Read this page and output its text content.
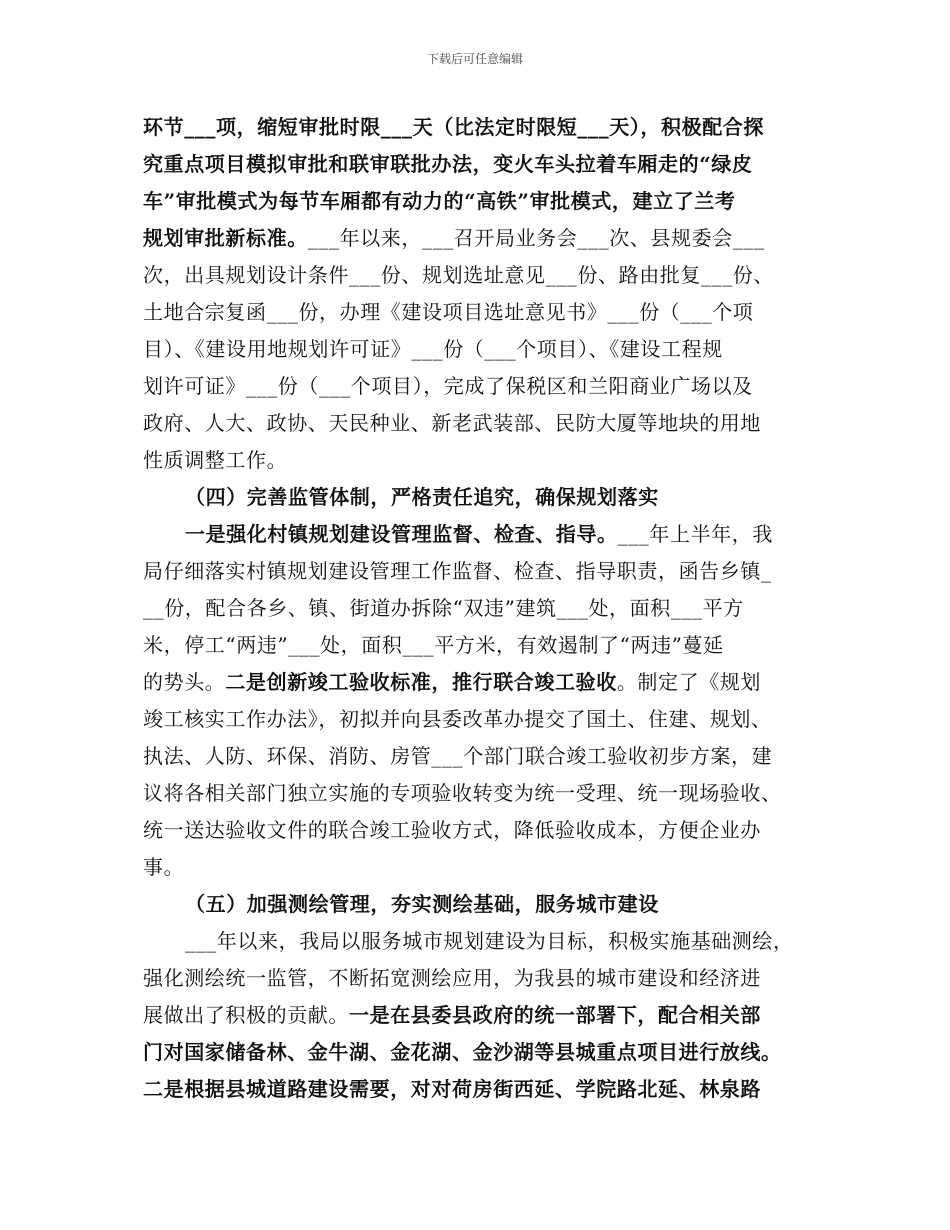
下载后可任意编辑
环节___项，缩短审批时限___天（比法定时限短___天），积极配合探
究重点项目模拟审批和联审联批办法，变火车头拉着车厢走的“绿皮
车”审批模式为每节车厢都有动力的“高铁”审批模式，建立了兰考
规划审批新标准。___年以来，___召开局业务会___次、县规委会___
次，出具规划设计条件___份、规划选址意见___份、路由批复___份、
土地合宗复函___份，办理《建设项目选址意见书》___份（___个项
目）、《建设用地规划许可证》___份（___个项目）、《建设工程规
划许可证》___份（___个项目），完成了保税区和兰阳商业广场以及
政府、人大、政协、天民种业、新老武装部、民防大厦等地块的用地
性质调整工作。
（四）完善监管体制，严格责任追究，确保规划落实
一是强化村镇规划建设管理监督、检查、指导。___年上半年，我
局仔细落实村镇规划建设管理工作监督、检查、指导职责，函告乡镇_
__份，配合各乡、镇、街道办拆除“双违”建筑___处，面积___平方
米，停工“两违”___处，面积___平方米，有效遏制了“两违”蔓延
的势头。二是创新竣工验收标准，推行联合竣工验收。制定了《规划
竣工核实工作办法》，初拟并向县委改革办提交了国土、住建、规划、
执法、人防、环保、消防、房管___个部门联合竣工验收初步方案，建
议将各相关部门独立实施的专项验收转变为统一受理、统一现场验收、
统一送达验收文件的联合竣工验收方式，降低验收成本，方便企业办
事。
（五）加强测绘管理，夯实测绘基础，服务城市建设
___年以来，我局以服务城市规划建设为目标，积极实施基础测绘，
强化测绘统一监管，不断拓宽测绘应用，为我县的城市建设和经济进
展做出了积极的贡献。一是在县委县政府的统一部署下，配合相关部
门对国家储备林、金牛湖、金花湖、金沙湖等县城重点项目进行放线。
二是根据县城道路建设需要，对对荷房街西延、学院路北延、林泉路
